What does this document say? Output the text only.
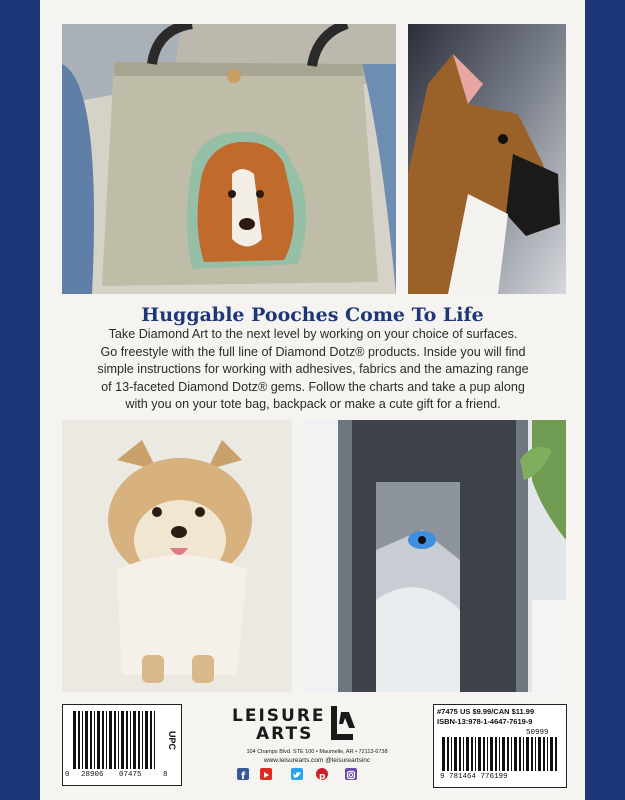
Huggable Pooches Come To Life
Take Diamond Art to the next level by working on your choice of surfaces.
Go freestyle with the full line of Diamond Dotz® products. Inside you will find
simple instructions for working with adhesives, fabrics and the amazing range
of 13-faceted Diamond Dotz® gems. Follow the charts and take a pup along
with you on your tote bag, backpack or make a cute gift for a friend.
0 28906 07475	8
UPC
LEISURE
ARTS
104 Champs Blvd. STE 100 • Maumelle, AR • 72113-6738
www.leisurearts.com @leisureartsinc
f	p
#7475 US $9.99/CAN $11.99
ISBN-13:978-1-4647-7619-9
50999
9 781464 776199
